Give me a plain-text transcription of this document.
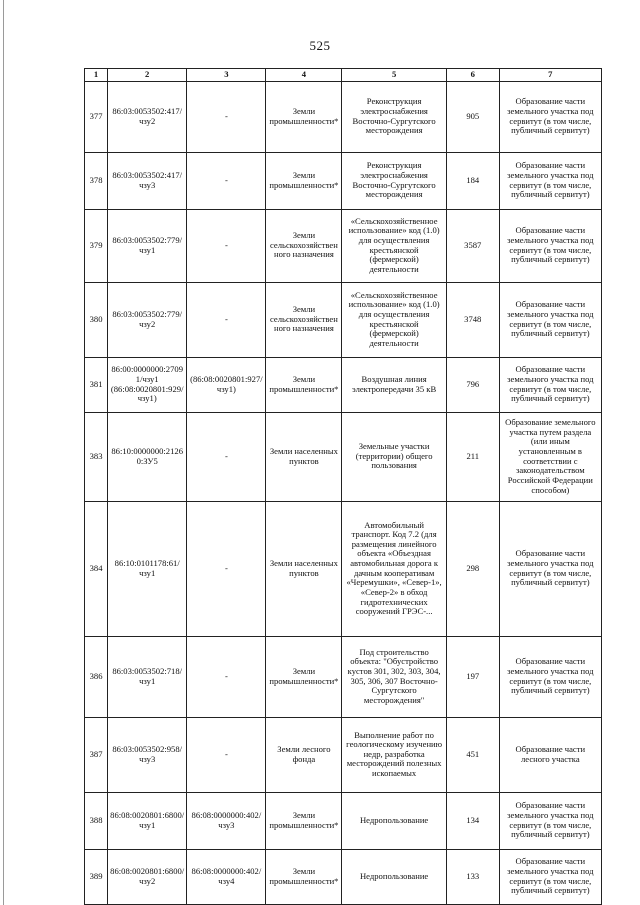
525
1	2	3	4	5	6	7
377	86:03:0053502:417/чзу2	-	Земли промышленности*	Реконструкция электроснабжения Восточно-Сургутского месторождения	905	Образование части земельного участка под сервитут (в том числе, публичный сервитут)
378	86:03:0053502:417/чзу3	-	Земли промышленности*	Реконструкция электроснабжения Восточно-Сургутского месторождения	184	Образование части земельного участка под сервитут (в том числе, публичный сервитут)
379	86:03:0053502:779/чзу1	-	Земли сельскохозяйственного назначения	«Сельскохозяйственное использование» код (1.0) для осуществления крестьянской (фермерской) деятельности	3587	Образование части земельного участка под сервитут (в том числе, публичный сервитут)
380	86:03:0053502:779/чзу2	-	Земли сельскохозяйственного назначения	«Сельскохозяйственное использование» код (1.0) для осуществления крестьянской (фермерской) деятельности	3748	Образование части земельного участка под сервитут (в том числе, публичный сервитут)
381	86:00:0000000:27091/чзу1 (86:08:0020801:929/чзу1)	(86:08:0020801:927/чзу1)	Земли промышленности*	Воздушная линия электропередачи 35 кВ	796	Образование части земельного участка под сервитут (в том числе, публичный сервитут)
383	86:10:0000000:21260:ЗУ5	-	Земли населенных пунктов	Земельные участки (территории) общего пользования	211	Образование земельного участка путем раздела (или иным установленным в соответствии с законодательством Российской Федерации способом)
384	86:10:0101178:61/чзу1	-	Земли населенных пунктов	Автомобильный транспорт. Код 7.2 (для размещения линейного объекта «Объездная автомобильная дорога к дачным кооперативам «Черемушки», «Север-1», «Север-2» в обход гидротехнических сооружений ГРЭС-...	298	Образование части земельного участка под сервитут (в том числе, публичный сервитут)
386	86:03:0053502:718/чзу1	-	Земли промышленности*	Под строительство объекта: "Обустройство кустов 301, 302, 303, 304, 305, 306, 307 Восточно-Сургутского месторождения"	197	Образование части земельного участка под сервитут (в том числе, публичный сервитут)
387	86:03:0053502:958/чзу3	-	Земли лесного фонда	Выполнение работ по геологическому изучению недр, разработка месторождений полезных ископаемых	451	Образование части лесного участка
388	86:08:0020801:6800/чзу1	86:08:0000000:402/чзу3	Земли промышленности*	Недропользование	134	Образование части земельного участка под сервитут (в том числе, публичный сервитут)
389	86:08:0020801:6800/чзу2	86:08:0000000:402/чзу4	Земли промышленности*	Недропользование	133	Образование части земельного участка под сервитут (в том числе, публичный сервитут)
